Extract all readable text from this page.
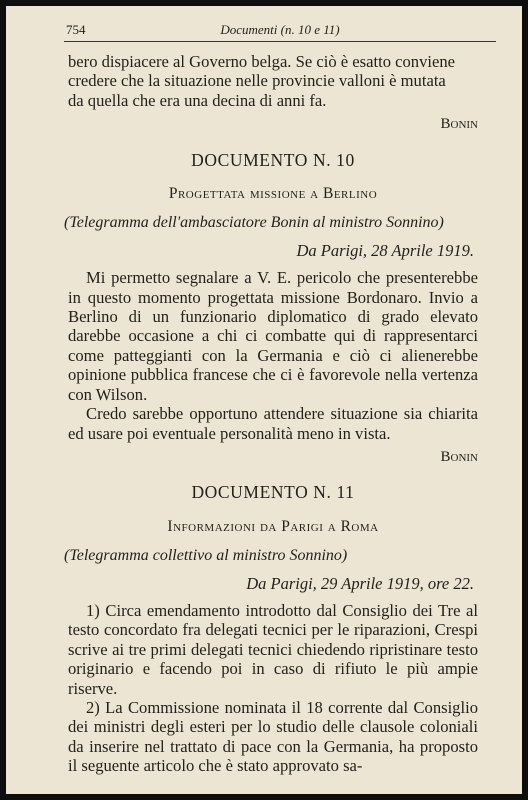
754	Documenti (n. 10 e 11)

bero dispiacere al Governo belga. Se ciò è esatto conviene

credere che la situazione nelle provincie valloni è mutata

da quella che era una decina di anni fa.

Bonin

DOCUMENTO N. 10

Progettata missione a Berlino

(Telegramma dell'ambasciatore Bonin al ministro Sonnino)

Da Parigi, 28 Aprile 1919.

Mi permetto segnalare a V. E. pericolo che presenterebbe in questo momento progettata missione Bordonaro. Invio a Berlino di un funzionario diplomatico di grado elevato darebbe occasione a chi ci combatte qui di rappresentarci come patteggianti con la Germania e ciò ci alienerebbe opinione pubblica francese che ci è favorevole nella vertenza con Wilson.

Credo sarebbe opportuno attendere situazione sia chiarita ed usare poi eventuale personalità meno in vista.

Bonin

DOCUMENTO N. 11

Informazioni da Parigi a Roma

(Telegramma collettivo al ministro Sonnino)

Da Parigi, 29 Aprile 1919, ore 22.

1) Circa emendamento introdotto dal Consiglio dei Tre al testo concordato fra delegati tecnici per le riparazioni, Crespi scrive ai tre primi delegati tecnici chiedendo ripristinare testo originario e facendo poi in caso di rifiuto le più ampie riserve.

2) La Commissione nominata il 18 corrente dal Consiglio dei ministri degli esteri per lo studio delle clausole coloniali da inserire nel trattato di pace con la Germania, ha proposto il seguente articolo che è stato approvato sa-
